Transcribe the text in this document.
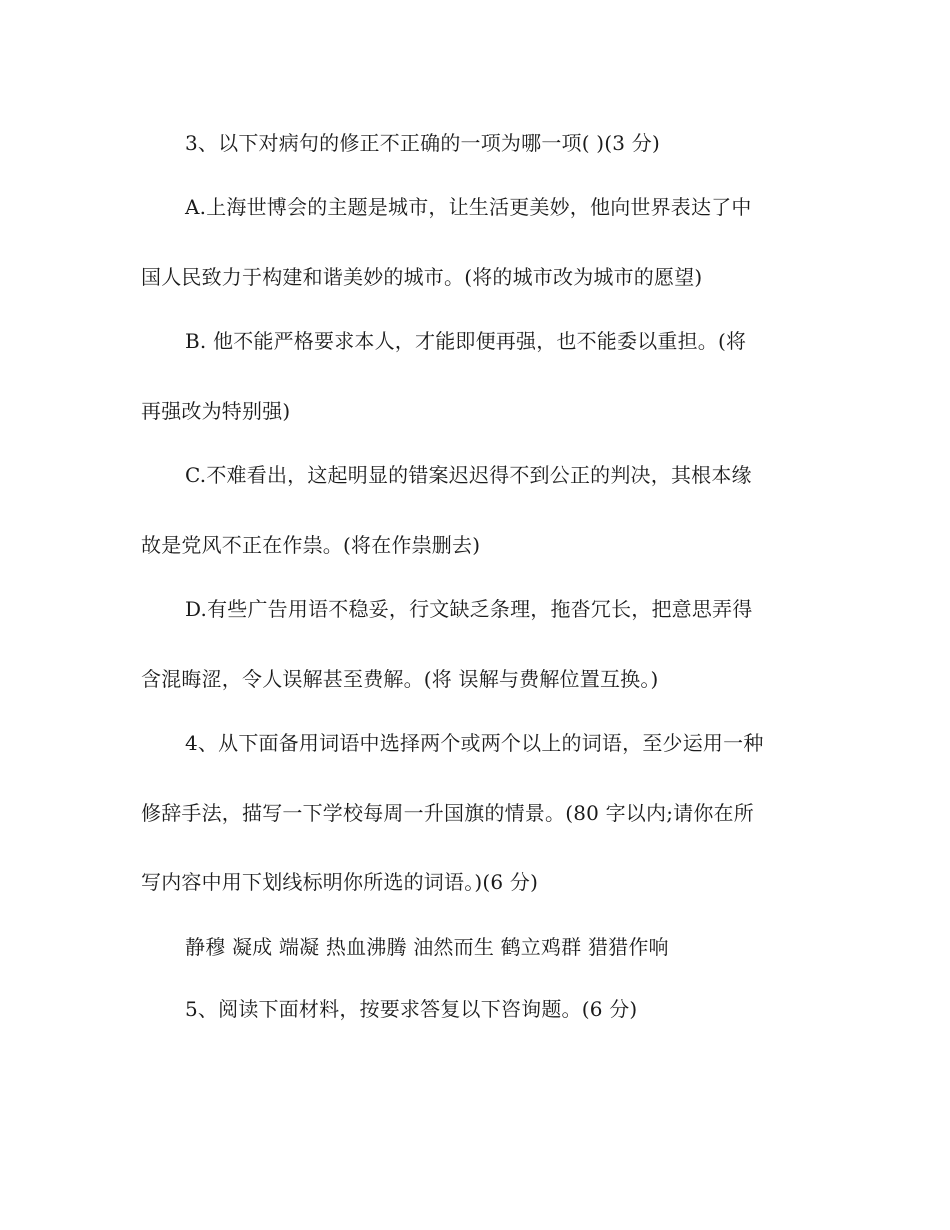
3、以下对病句的修正不正确的一项为哪一项( )(3 分)
A.上海世博会的主题是城市，让生活更美妙，他向世界表达了中
国人民致力于构建和谐美妙的城市。(将的城市改为城市的愿望)
B. 他不能严格要求本人，才能即便再强，也不能委以重担。(将
再强改为特别强)
C.不难看出，这起明显的错案迟迟得不到公正的判决，其根本缘
故是党风不正在作祟。(将在作祟删去)
D.有些广告用语不稳妥，行文缺乏条理，拖沓冗长，把意思弄得
含混晦涩，令人误解甚至费解。(将 误解与费解位置互换。)
4、从下面备用词语中选择两个或两个以上的词语，至少运用一种
修辞手法，描写一下学校每周一升国旗的情景。(80 字以内;请你在所
写内容中用下划线标明你所选的词语。)(6 分)
静穆 凝成 端凝 热血沸腾 油然而生 鹤立鸡群 猎猎作响
5、阅读下面材料，按要求答复以下咨询题。(6 分)
